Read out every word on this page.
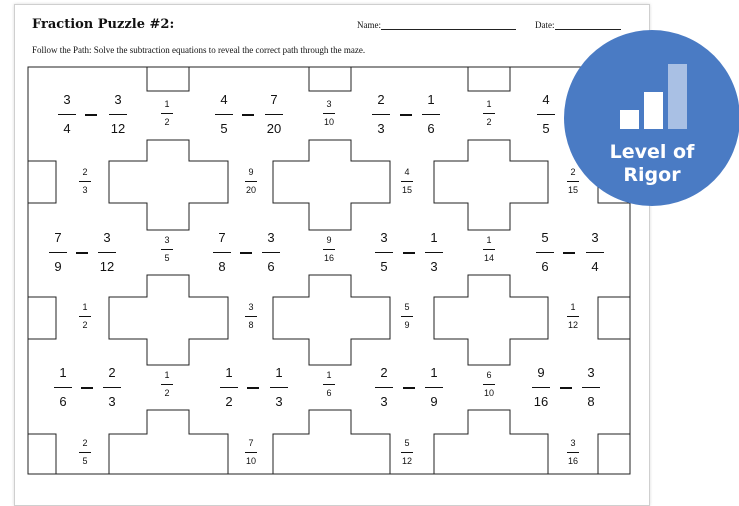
Fraction Puzzle #2:	Name:	Date:
Follow the Path: Solve the subtraction equations to reveal the correct path through the maze.
3
4
3
12
4
5
7
20
2
3
1
6
4
5
7
9
3
12
7
8
3
6
3
5
1
3
5
6
3
4
1
6
2
3
1
2
1
3
2
3
1
9
9
16
3
8
1
2
3
10
1
2
2
3
9
20
4
15
2
15
3
5
9
16
1
14
1
2
3
8
5
9
1
12
1
2
1
6
6
10
2
5
7
10
5
12
3
16
Level of
Rigor
